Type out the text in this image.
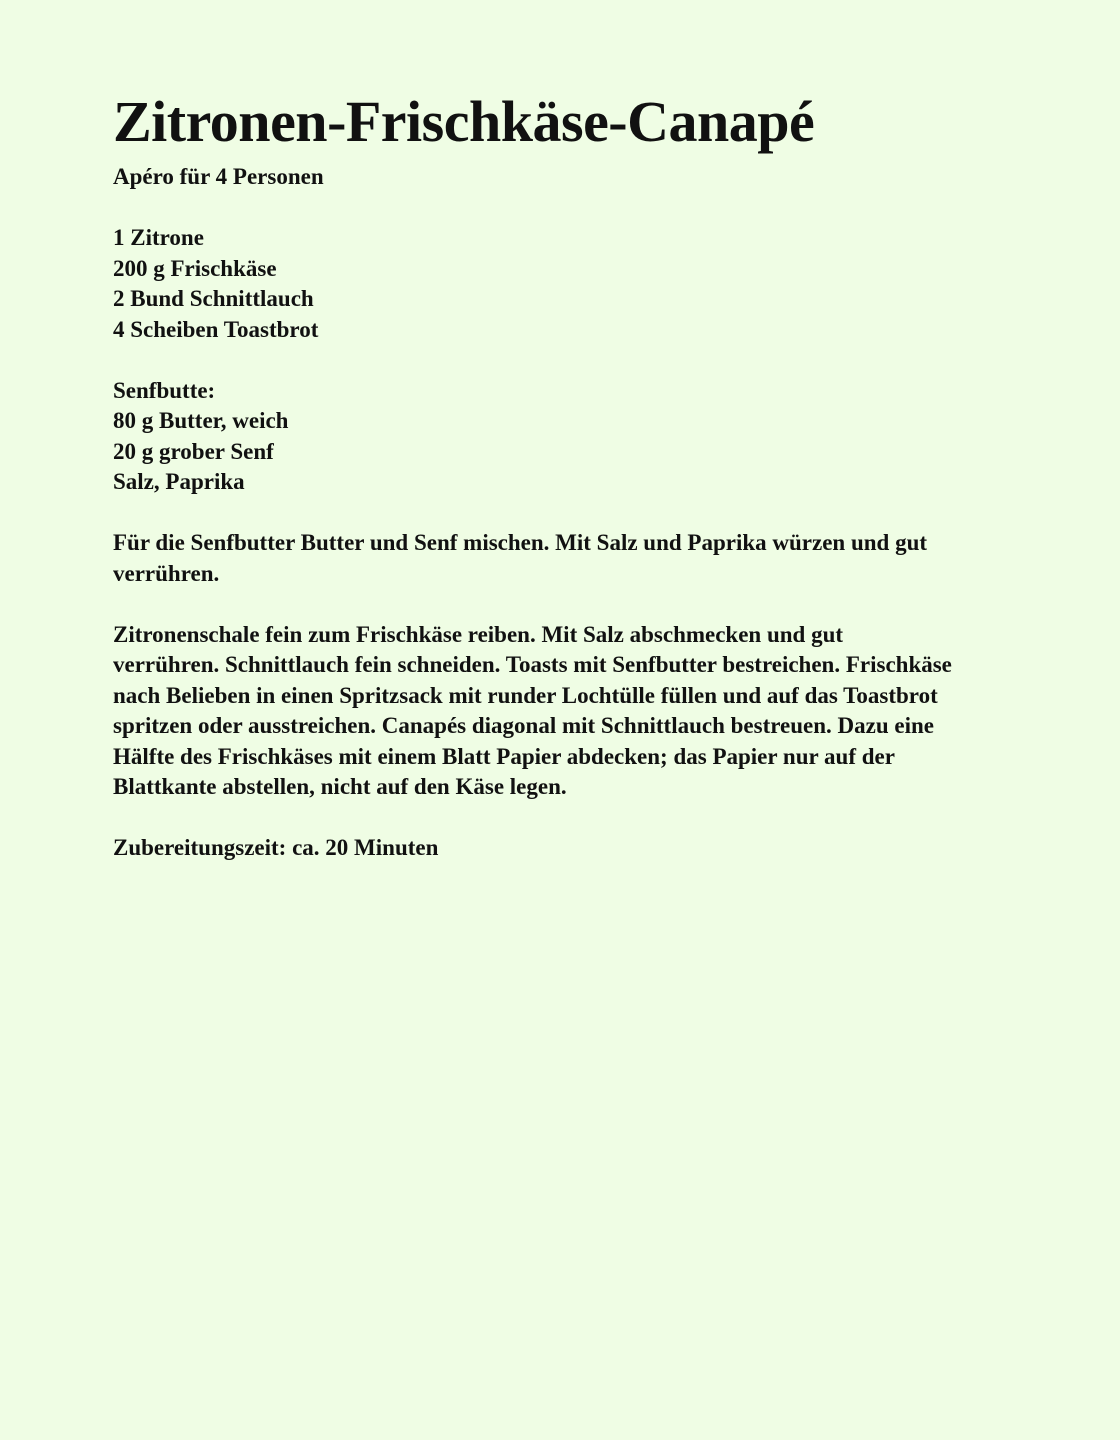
Zitronen-Frischkäse-Canapé

Apéro für 4 Personen

1 Zitrone
200 g Frischkäse
2 Bund Schnittlauch
4 Scheiben Toastbrot

Senfbutte:
80 g Butter, weich
20 g grober Senf
Salz, Paprika

Für die Senfbutter Butter und Senf mischen. Mit Salz und Paprika würzen und gut verrühren.

Zitronenschale fein zum Frischkäse reiben. Mit Salz abschmecken und gut verrühren. Schnittlauch fein schneiden. Toasts mit Senfbutter bestreichen. Frischkäse nach Belieben in einen Spritzsack mit runder Lochtülle füllen und auf das Toastbrot spritzen oder ausstreichen. Canapés diagonal mit Schnittlauch bestreuen. Dazu eine Hälfte des Frischkäses mit einem Blatt Papier abdecken; das Papier nur auf der Blattkante abstellen, nicht auf den Käse legen.

Zubereitungszeit: ca. 20 Minuten
